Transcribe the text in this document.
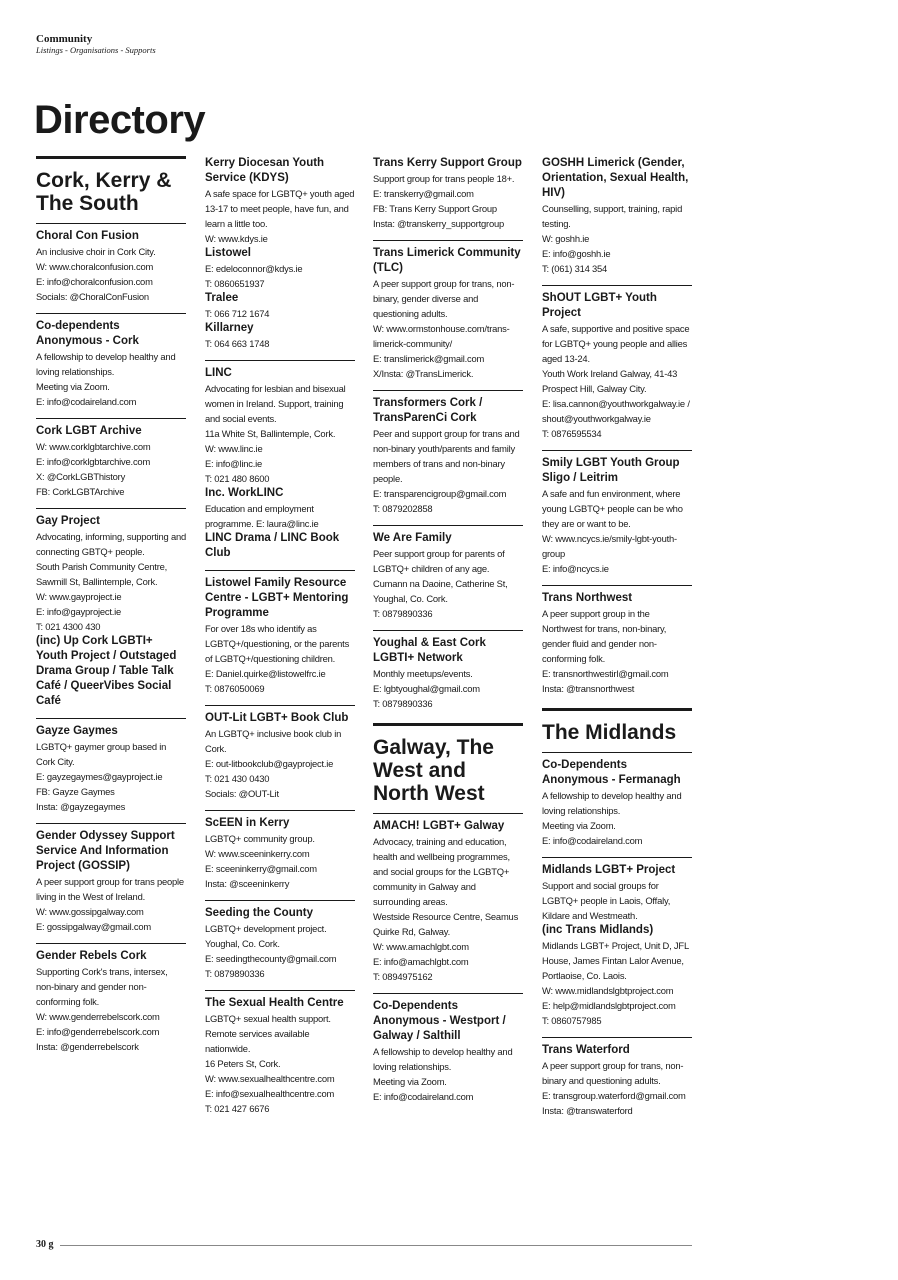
Community
Listings - Organisations - Supports
Directory
Cork, Kerry & The South
Choral Con Fusion
An inclusive choir in Cork City.
W: www.choralconfusion.com
E: info@choralconfusion.com
Socials: @ChoralConFusion
Co-dependents Anonymous - Cork
A fellowship to develop healthy and loving relationships.
Meeting via Zoom.
E: info@codaireland.com
Cork LGBT Archive
W: www.corklgbtarchive.com
E: info@corklgbtarchive.com
X: @CorkLGBThistory
FB: CorkLGBTArchive
Gay Project
Advocating, informing, supporting and connecting GBTQ+ people.
South Parish Community Centre, Sawmill St, Ballintemple, Cork.
W: www.gayproject.ie
E: info@gayproject.ie
T: 021 4300 430
(inc) Up Cork LGBTI+ Youth Project / Outstaged Drama Group / Table Talk Café / QueerVibes Social Café
Gayze Gaymes
LGBTQ+ gaymer group based in Cork City.
E: gayzegaymes@gayproject.ie
FB: Gayze Gaymes
Insta: @gayzegaymes
Gender Odyssey Support Service And Information Project (GOSSIP)
A peer support group for trans people living in the West of Ireland.
W: www.gossipgalway.com
E: gossipgalway@gmail.com
Gender Rebels Cork
Supporting Cork's trans, intersex, non-binary and gender non-conforming folk.
W: www.genderrebelscork.com
E: info@genderrebelscork.com
Insta: @genderrebelscork
Kerry Diocesan Youth Service (KDYS)
A safe space for LGBTQ+ youth aged 13-17 to meet people, have fun, and learn a little too.
W: www.kdys.ie
Listowel
E: edeloconnor@kdys.ie
T: 0860651937
Tralee
T: 066 712 1674
Killarney
T: 064 663 1748
LINC
Advocating for lesbian and bisexual women in Ireland. Support, training and social events.
11a White St, Ballintemple, Cork.
W: www.linc.ie
E: info@linc.ie
T: 021 480 8600
Inc. WorkLINC
Education and employment programme. E: laura@linc.ie
LINC Drama / LINC Book Club
Listowel Family Resource Centre - LGBT+ Mentoring Programme
For over 18s who identify as LGBTQ+/questioning, or the parents of LGBTQ+/questioning children.
E: Daniel.quirke@listowelfrc.ie
T: 0876050069
OUT-Lit LGBT+ Book Club
An LGBTQ+ inclusive book club in Cork.
E: out-litbookclub@gayproject.ie
T: 021 430 0430
Socials: @OUT-Lit
ScEEN in Kerry
LGBTQ+ community group.
W: www.sceeninkerry.com
E: sceeninkerry@gmail.com
Insta: @sceeninkerry
Seeding the County
LGBTQ+ development project.
Youghal, Co. Cork.
E: seedingthecounty@gmail.com
T: 0879890336
The Sexual Health Centre
LGBTQ+ sexual health support.
Remote services available nationwide.
16 Peters St, Cork.
W: www.sexualhealthcentre.com
E: info@sexualhealthcentre.com
T: 021 427 6676
Trans Kerry Support Group
Support group for trans people 18+.
E: transkerry@gmail.com
FB: Trans Kerry Support Group
Insta: @transkerry_supportgroup
Trans Limerick Community (TLC)
A peer support group for trans, non-binary, gender diverse and questioning adults.
W: www.ormstonhouse.com/trans-limerick-community/
E: translimerick@gmail.com
X/Insta: @TransLimerick.
Transformers Cork / TransParenCi Cork
Peer and support group for trans and non-binary youth/parents and family members of trans and non-binary people.
E: transparencigroup@gmail.com
T: 0879202858
We Are Family
Peer support group for parents of LGBTQ+ children of any age.
Cumann na Daoine, Catherine St, Youghal, Co. Cork.
T: 0879890336
Youghal & East Cork LGBTI+ Network
Monthly meetups/events.
E: lgbtyoughal@gmail.com
T: 0879890336
Galway, The West and North West
AMACH! LGBT+ Galway
Advocacy, training and education, health and wellbeing programmes, and social groups for the LGBTQ+ community in Galway and surrounding areas.
Westside Resource Centre, Seamus Quirke Rd, Galway.
W: www.amachlgbt.com
E: info@amachlgbt.com
T: 0894975162
Co-Dependents Anonymous - Westport / Galway / Salthill
A fellowship to develop healthy and loving relationships.
Meeting via Zoom.
E: info@codaireland.com
GOSHH Limerick (Gender, Orientation, Sexual Health, HIV)
Counselling, support, training, rapid testing.
W: goshh.ie
E: info@goshh.ie
T: (061) 314 354
ShOUT LGBT+ Youth Project
A safe, supportive and positive space for LGBTQ+ young people and allies aged 13-24.
Youth Work Ireland Galway, 41-43 Prospect Hill, Galway City.
E: lisa.cannon@youthworkgalway.ie / shout@youthworkgalway.ie
T: 0876595534
Smily LGBT Youth Group Sligo / Leitrim
A safe and fun environment, where young LGBTQ+ people can be who they are or want to be.
W: www.ncycs.ie/smily-lgbt-youth-group
E: info@ncycs.ie
Trans Northwest
A peer support group in the Northwest for trans, non-binary, gender fluid and gender non-conforming folk.
E: transnorthwestirl@gmail.com
Insta: @transnorthwest
The Midlands
Co-Dependents Anonymous - Fermanagh
A fellowship to develop healthy and loving relationships.
Meeting via Zoom.
E: info@codaireland.com
Midlands LGBT+ Project
Support and social groups for LGBTQ+ people in Laois, Offaly, Kildare and Westmeath.
(inc Trans Midlands)
Midlands LGBT+ Project, Unit D, JFL House, James Fintan Lalor Avenue, Portlaoise, Co. Laois.
W: www.midlandslgbtproject.com
E: help@midlandslgbtproject.com
T: 0860757985
Trans Waterford
A peer support group for trans, non-binary and questioning adults.
E: transgroup.waterford@gmail.com
Insta: @transwaterford
30 g
